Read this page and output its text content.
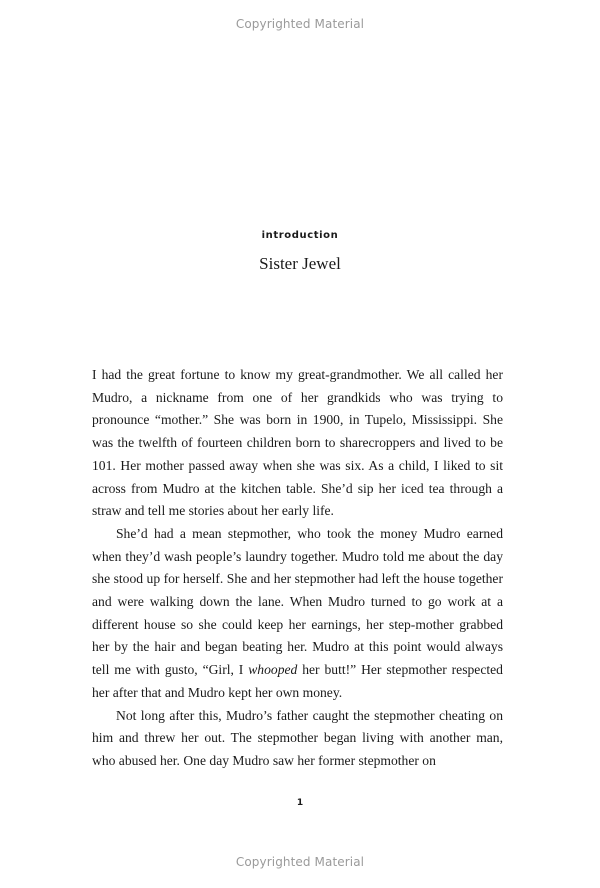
Copyrighted Material
introduction
Sister Jewel

I had the great fortune to know my great-grandmother. We all called her Mudro, a nickname from one of her grandkids who was trying to pronounce “mother.” She was born in 1900, in Tupelo, Mississippi. She was the twelfth of fourteen children born to sharecroppers and lived to be 101. Her mother passed away when she was six. As a child, I liked to sit across from Mudro at the kitchen table. She’d sip her iced tea through a straw and tell me stories about her early life.

She’d had a mean stepmother, who took the money Mudro earned when they’d wash people’s laundry together. Mudro told me about the day she stood up for herself. She and her stepmother had left the house together and were walking down the lane. When Mudro turned to go work at a different house so she could keep her earnings, her step-mother grabbed her by the hair and began beating her. Mudro at this point would always tell me with gusto, “Girl, I whooped her butt!” Her stepmother respected her after that and Mudro kept her own money.

Not long after this, Mudro’s father caught the stepmother cheating on him and threw her out. The stepmother began living with another man, who abused her. One day Mudro saw her former stepmother on

1
Copyrighted Material
